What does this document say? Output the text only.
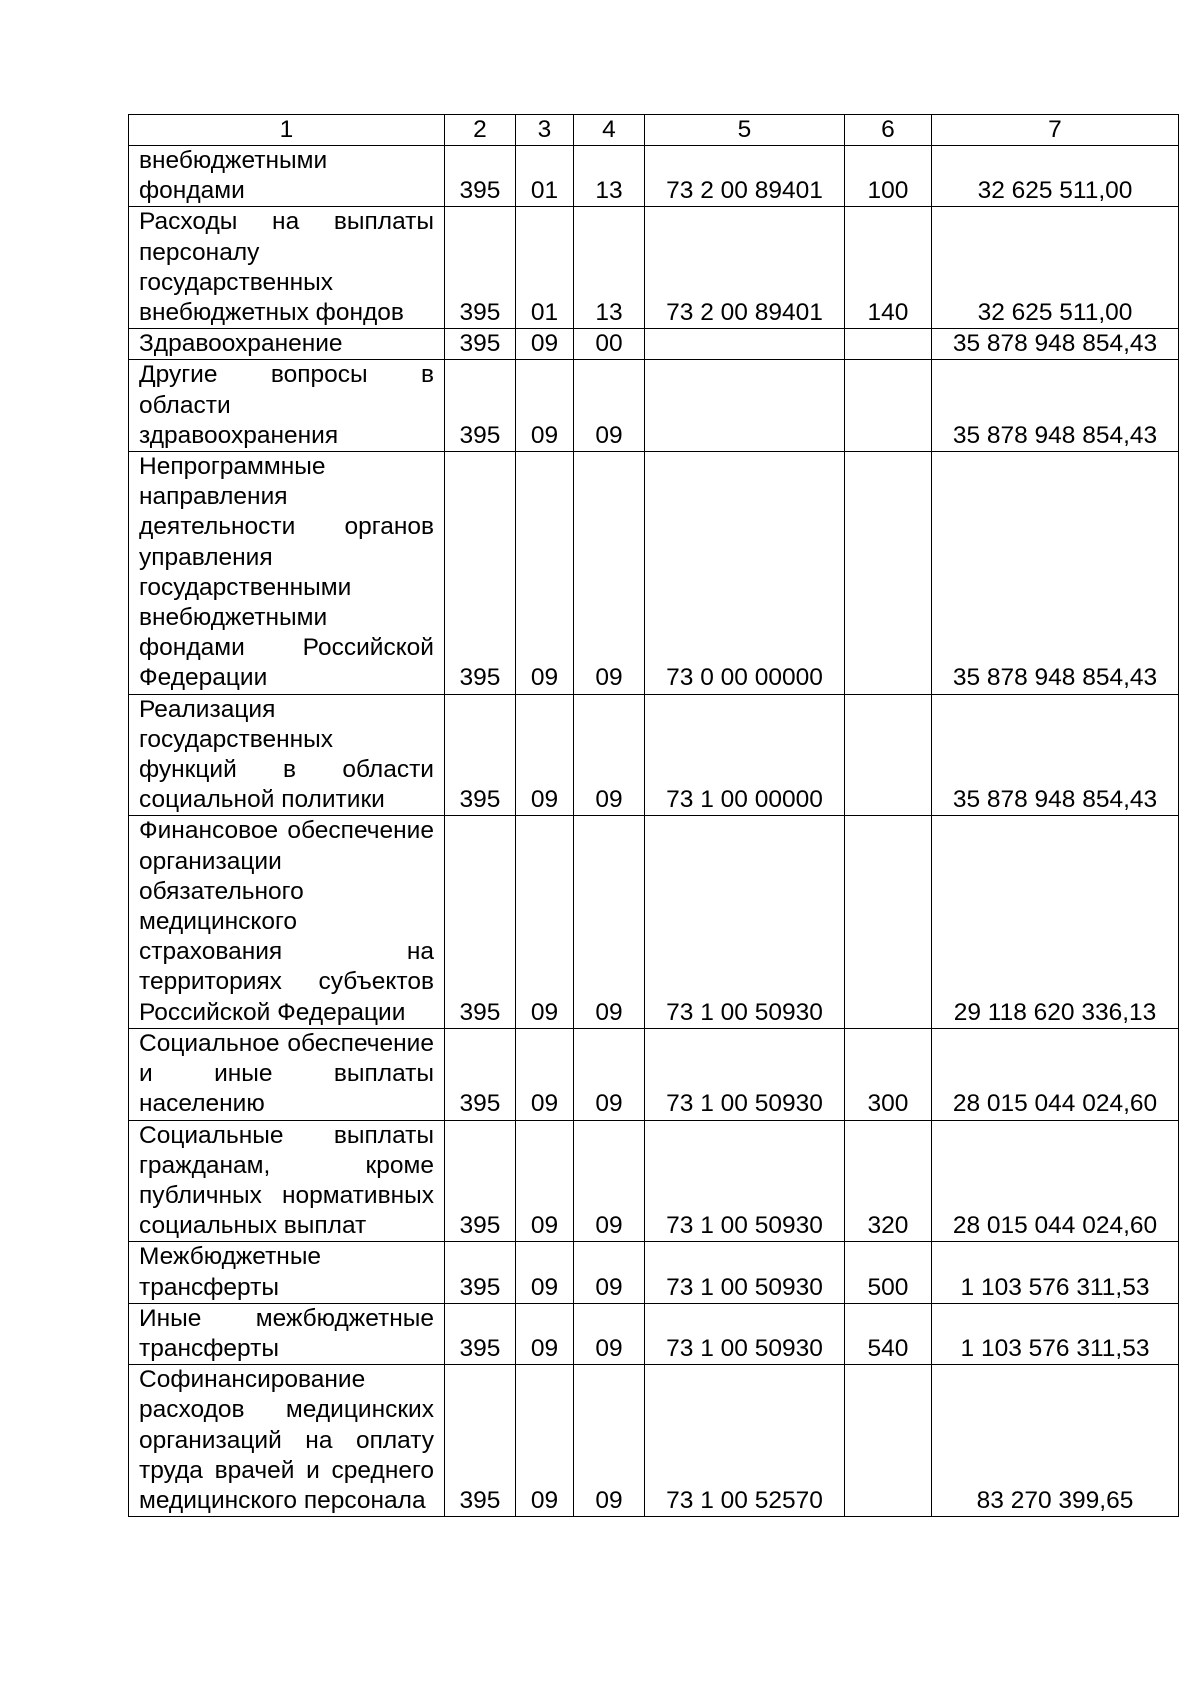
1	2	3	4	5	6	7
внебюджетными фондами	395	01	13	73 2 00 89401	100	32 625 511,00
Расходы на выплаты персоналу государственных внебюджетных фондов	395	01	13	73 2 00 89401	140	32 625 511,00
Здравоохранение	395	09	00			35 878 948 854,43
Другие вопросы в области здравоохранения	395	09	09			35 878 948 854,43
Непрограммные направления деятельности органов управления государственными внебюджетными фондами Российской Федерации	395	09	09	73 0 00 00000		35 878 948 854,43
Реализация государственных функций в области социальной политики	395	09	09	73 1 00 00000		35 878 948 854,43
Финансовое обеспечение организации обязательного медицинского страхования на территориях субъектов Российской Федерации	395	09	09	73 1 00 50930		29 118 620 336,13
Социальное обеспечение и иные выплаты населению	395	09	09	73 1 00 50930	300	28 015 044 024,60
Социальные выплаты гражданам, кроме публичных нормативных социальных выплат	395	09	09	73 1 00 50930	320	28 015 044 024,60
Межбюджетные трансферты	395	09	09	73 1 00 50930	500	1 103 576 311,53
Иные межбюджетные трансферты	395	09	09	73 1 00 50930	540	1 103 576 311,53
Софинансирование расходов медицинских организаций на оплату труда врачей и среднего медицинского персонала	395	09	09	73 1 00 52570		83 270 399,65
